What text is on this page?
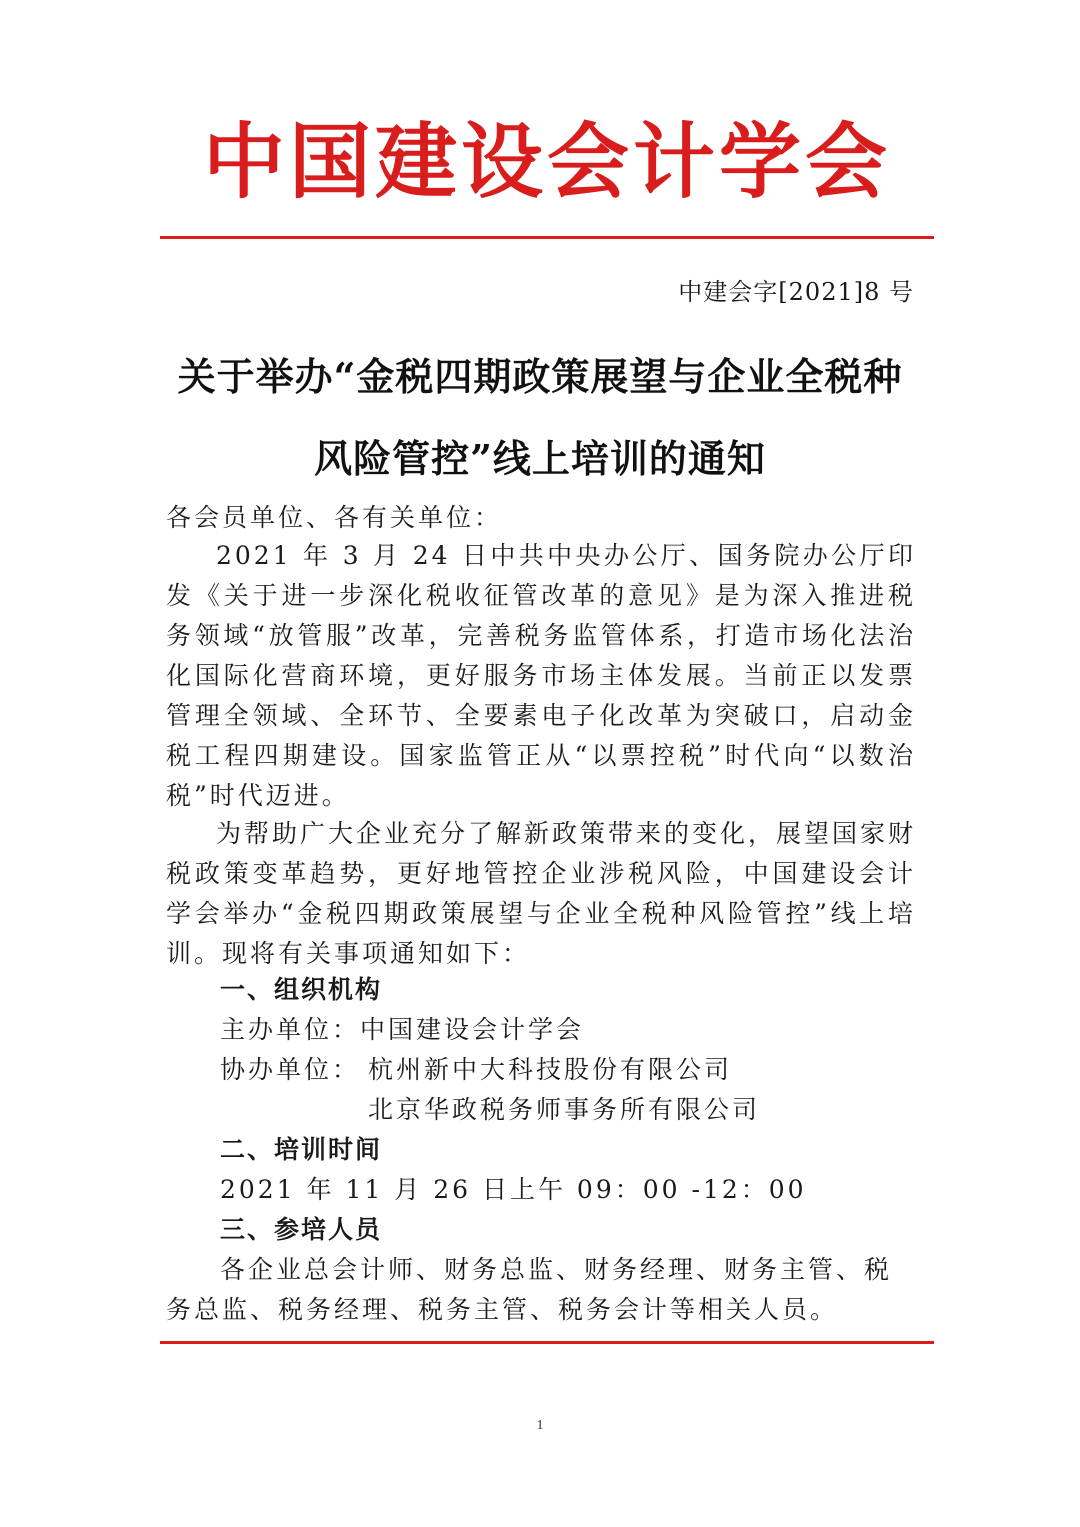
中国建设会计学会
中建会字[2021]8 号
关于举办“金税四期政策展望与企业全税种
风险管控”线上培训的通知
各会员单位、各有关单位：
2021 年 3 月 24 日中共中央办公厅、国务院办公厅印发《关于进一步深化税收征管改革的意见》是为深入推进税务领域“放管服”改革，完善税务监管体系，打造市场化法治化国际化营商环境，更好服务市场主体发展。当前正以发票管理全领域、全环节、全要素电子化改革为突破口，启动金税工程四期建设。国家监管正从“以票控税”时代向“以数治税”时代迈进。
为帮助广大企业充分了解新政策带来的变化，展望国家财税政策变革趋势，更好地管控企业涉税风险，中国建设会计学会举办“金税四期政策展望与企业全税种风险管控”线上培训。现将有关事项通知如下：
一、组织机构
主办单位：中国建设会计学会
协办单位： 杭州新中大科技股份有限公司
北京华政税务师事务所有限公司
二、培训时间
2021 年 11 月 26 日上午 09：00 -12：00
三、参培人员
各企业总会计师、财务总监、财务经理、财务主管、税
务总监、税务经理、税务主管、税务会计等相关人员。
1
